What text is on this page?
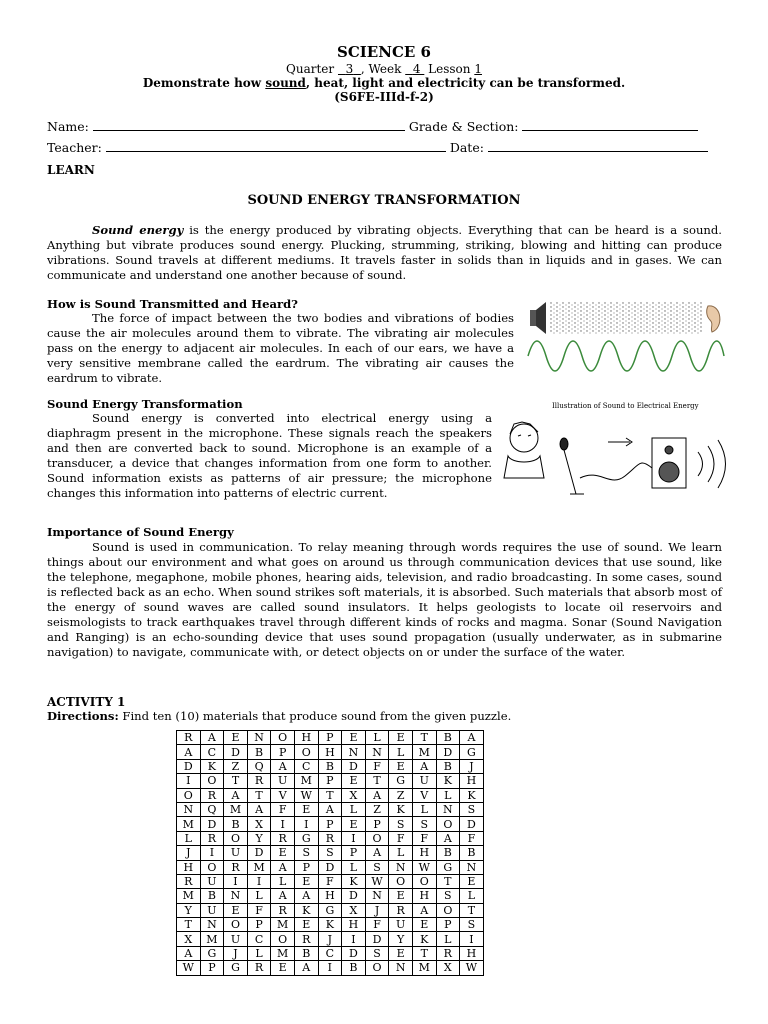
SCIENCE 6
Quarter 3 , Week 4 Lesson 1
Demonstrate how sound, heat, light and electricity can be transformed.
(S6FE-IIId-f-2)
Name:	Grade & Section:
Teacher:	Date:
LEARN
SOUND ENERGY TRANSFORMATION
Sound energy is the energy produced by vibrating objects. Everything that can be heard is a sound. Anything but vibrate produces sound energy. Plucking, strumming, striking, blowing and hitting can produce vibrations. Sound travels at different mediums. It travels faster in solids than in liquids and in gases. We can communicate and understand one another because of sound.
How is Sound Transmitted and Heard?
The force of impact between the two bodies and vibrations of bodies cause the air molecules around them to vibrate. The vibrating air molecules pass on the energy to adjacent air molecules. In each of our ears, we have a very sensitive membrane called the eardrum. The vibrating air causes the eardrum to vibrate.
Sound Energy Transformation
Sound energy is converted into electrical energy using a diaphragm present in the microphone. These signals reach the speakers and then are converted back to sound. Microphone is an example of a transducer, a device that changes information from one form to another. Sound information exists as patterns of air pressure; the microphone changes this information into patterns of electric current.
Illustration of Sound to Electrical Energy
Importance of Sound Energy
Sound is used in communication. To relay meaning through words requires the use of sound. We learn things about our environment and what goes on around us through communication devices that use sound, like the telephone, megaphone, mobile phones, hearing aids, television, and radio broadcasting. In some cases, sound is reflected back as an echo. When sound strikes soft materials, it is absorbed. Such materials that absorb most of the energy of sound waves are called sound insulators. It helps geologists to locate oil reservoirs and seismologists to track earthquakes travel through different kinds of rocks and magma. Sonar (Sound Navigation and Ranging) is an echo-sounding device that uses sound propagation (usually underwater, as in submarine navigation) to navigate, communicate with, or detect objects on or under the surface of the water.
ACTIVITY 1
Directions: Find ten (10) materials that produce sound from the given puzzle.
R	A	E	N	O	H	P	E	L	E	T	B	A
A	C	D	B	P	O	H	N	N	L	M	D	G
D	K	Z	Q	A	C	B	D	F	E	A	B	J
I	O	T	R	U	M	P	E	T	G	U	K	H
O	R	A	T	V	W	T	X	A	Z	V	L	K
N	Q	M	A	F	E	A	L	Z	K	L	N	S
M	D	B	X	I	I	P	E	P	S	S	O	D
L	R	O	Y	R	G	R	I	O	F	F	A	F
J	I	U	D	E	S	S	P	A	L	H	B	B
H	O	R	M	A	P	D	L	S	N	W	G	N
R	U	I	I	L	E	F	K	W	O	O	T	E
M	B	N	L	A	A	H	D	N	E	H	S	L
Y	U	E	F	R	K	G	X	J	R	A	O	T
T	N	O	P	M	E	K	H	F	U	E	P	S
X	M	U	C	O	R	J	I	D	Y	K	L	I
A	G	J	L	M	B	C	D	S	E	T	R	H
W	P	G	R	E	A	I	B	O	N	M	X	W
